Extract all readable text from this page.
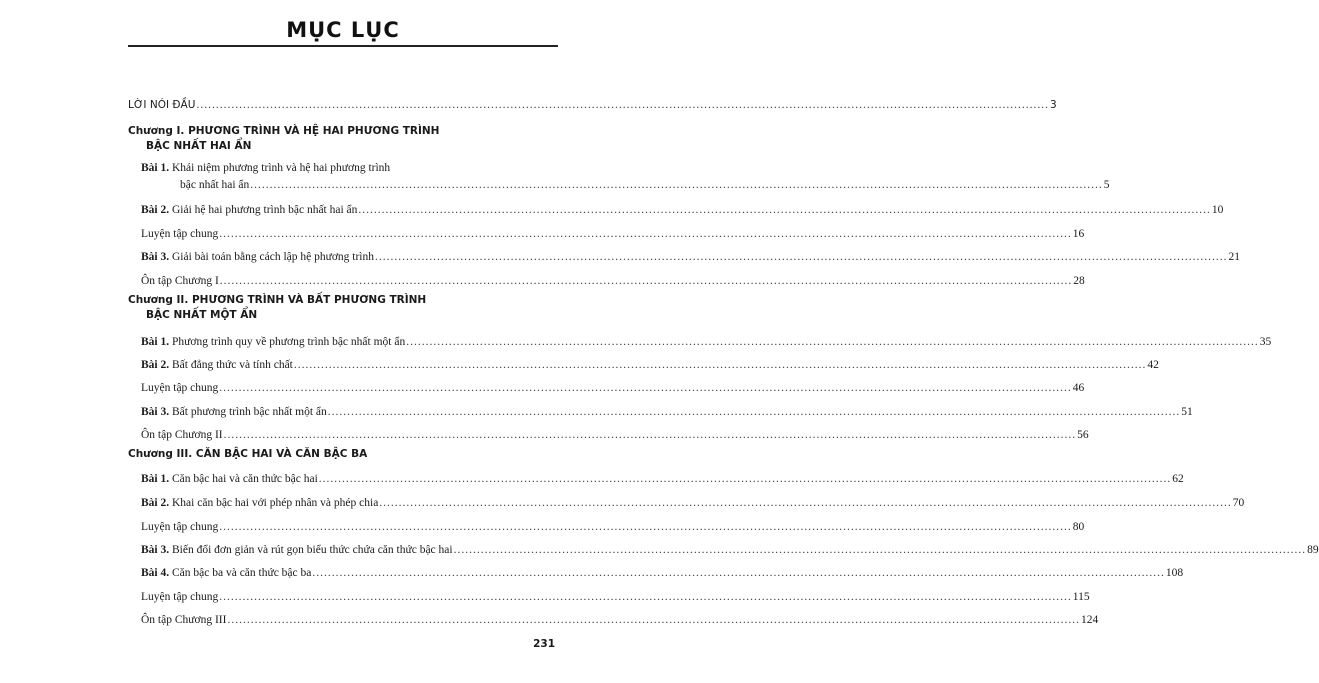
MỤC LỤC
LỜI NÓI ĐẦU ............................................................................................................................................................................................................................ 3
Chương I. PHƯƠNG TRÌNH VÀ HỆ HAI PHƯƠNG TRÌNH
BẬC NHẤT HAI ẨN
Bài 1. Khái niệm phương trình và hệ hai phương trình
bậc nhất hai ẩn ............................................................................................................................................................................................................................ 5
Bài 2. Giải hệ hai phương trình bậc nhất hai ẩn ............................................................................................................................................................................................................................ 10
Luyện tập chung ............................................................................................................................................................................................................................ 16
Bài 3. Giải bài toán bằng cách lập hệ phương trình ............................................................................................................................................................................................................................ 21
Ôn tập Chương I ............................................................................................................................................................................................................................ 28
Chương II. PHƯƠNG TRÌNH VÀ BẤT PHƯƠNG TRÌNH
BẬC NHẤT MỘT ẨN
Bài 1. Phương trình quy về phương trình bậc nhất một ẩn ............................................................................................................................................................................................................................ 35
Bài 2. Bất đẳng thức và tính chất ............................................................................................................................................................................................................................ 42
Luyện tập chung ............................................................................................................................................................................................................................ 46
Bài 3. Bất phương trình bậc nhất một ẩn ............................................................................................................................................................................................................................ 51
Ôn tập Chương II ............................................................................................................................................................................................................................ 56
Chương III. CĂN BẬC HAI VÀ CĂN BẬC BA
Bài 1. Căn bậc hai và căn thức bậc hai ............................................................................................................................................................................................................................ 62
Bài 2. Khai căn bậc hai với phép nhân và phép chia ............................................................................................................................................................................................................................ 70
Luyện tập chung ............................................................................................................................................................................................................................ 80
Bài 3. Biến đổi đơn giản và rút gọn biểu thức chứa căn thức bậc hai ............................................................................................................................................................................................................................ 89
Bài 4. Căn bậc ba và căn thức bậc ba ............................................................................................................................................................................................................................ 108
Luyện tập chung ............................................................................................................................................................................................................................ 115
Ôn tập Chương III ............................................................................................................................................................................................................................ 124
231
